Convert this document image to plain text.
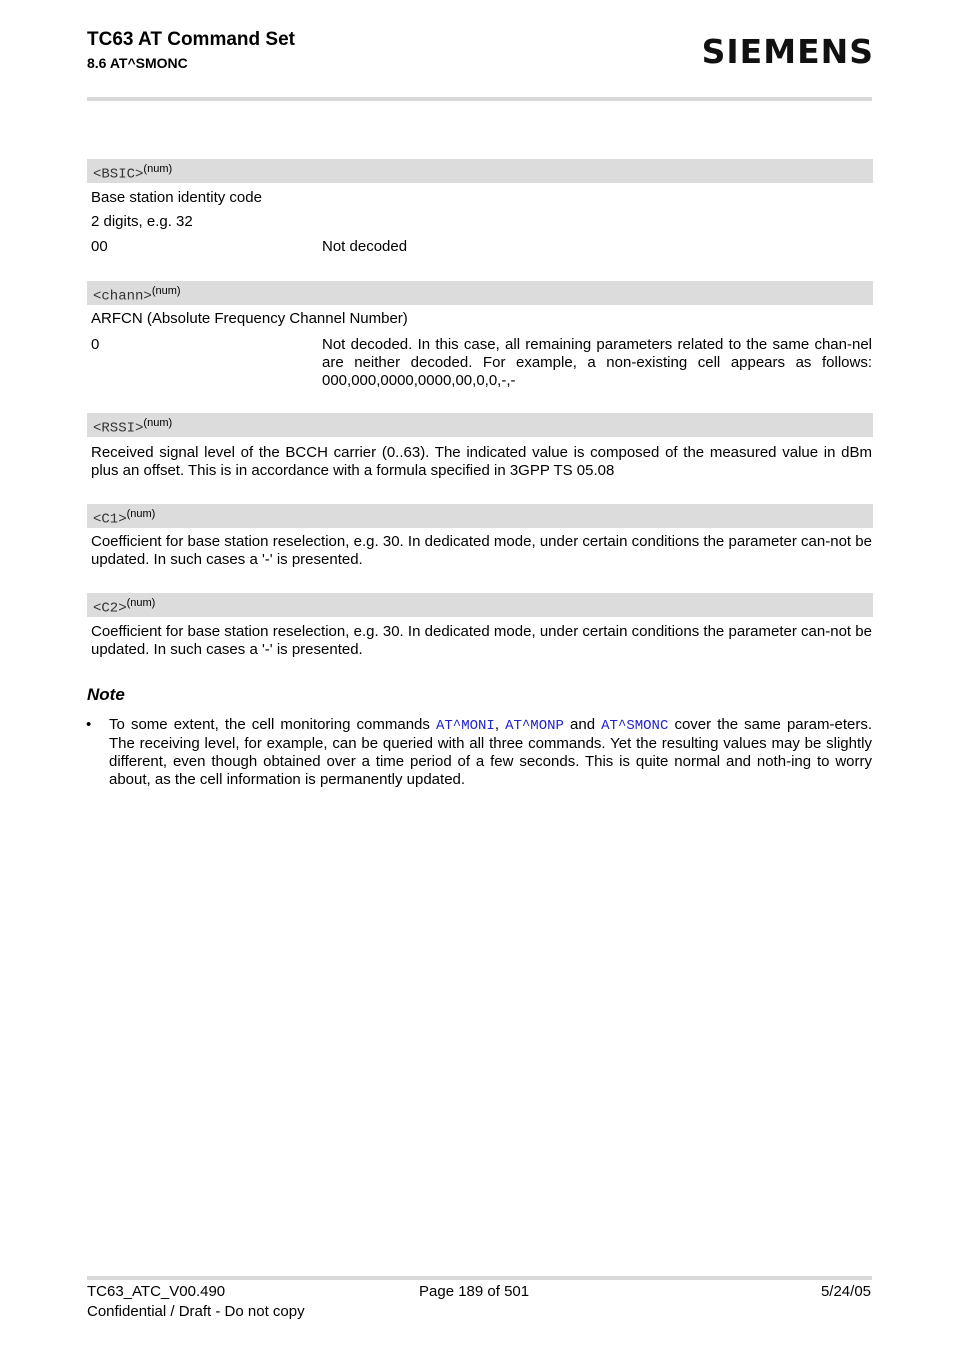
TC63 AT Command Set
8.6 AT^SMONC	SIEMENS
<BSIC>$^{(num)}$
Base station identity code
2 digits, e.g. 32
00	Not decoded
<chann>$^{(num)}$
ARFCN (Absolute Frequency Channel Number)
0	Not decoded. In this case, all remaining parameters related to the same chan-nel are neither decoded. For example, a non-existing cell appears as follows: 000,000,0000,0000,00,0,0,-,-
<RSSI>$^{(num)}$
Received signal level of the BCCH carrier (0..63). The indicated value is composed of the measured value in dBm plus an offset. This is in accordance with a formula specified in 3GPP TS 05.08
<C1>$^{(num)}$
Coefficient for base station reselection, e.g. 30. In dedicated mode, under certain conditions the parameter can-not be updated. In such cases a '-' is presented.
<C2>$^{(num)}$
Coefficient for base station reselection, e.g. 30. In dedicated mode, under certain conditions the parameter can-not be updated. In such cases a '-' is presented.
Note
• To some extent, the cell monitoring commands AT^MONI, AT^MONP and AT^SMONC cover the same param-eters. The receiving level, for example, can be queried with all three commands. Yet the resulting values may be slightly different, even though obtained over a time period of a few seconds. This is quite normal and noth-ing to worry about, as the cell information is permanently updated.
TC63_ATC_V00.490
Confidential / Draft - Do not copy
Page 189 of 501	5/24/05
